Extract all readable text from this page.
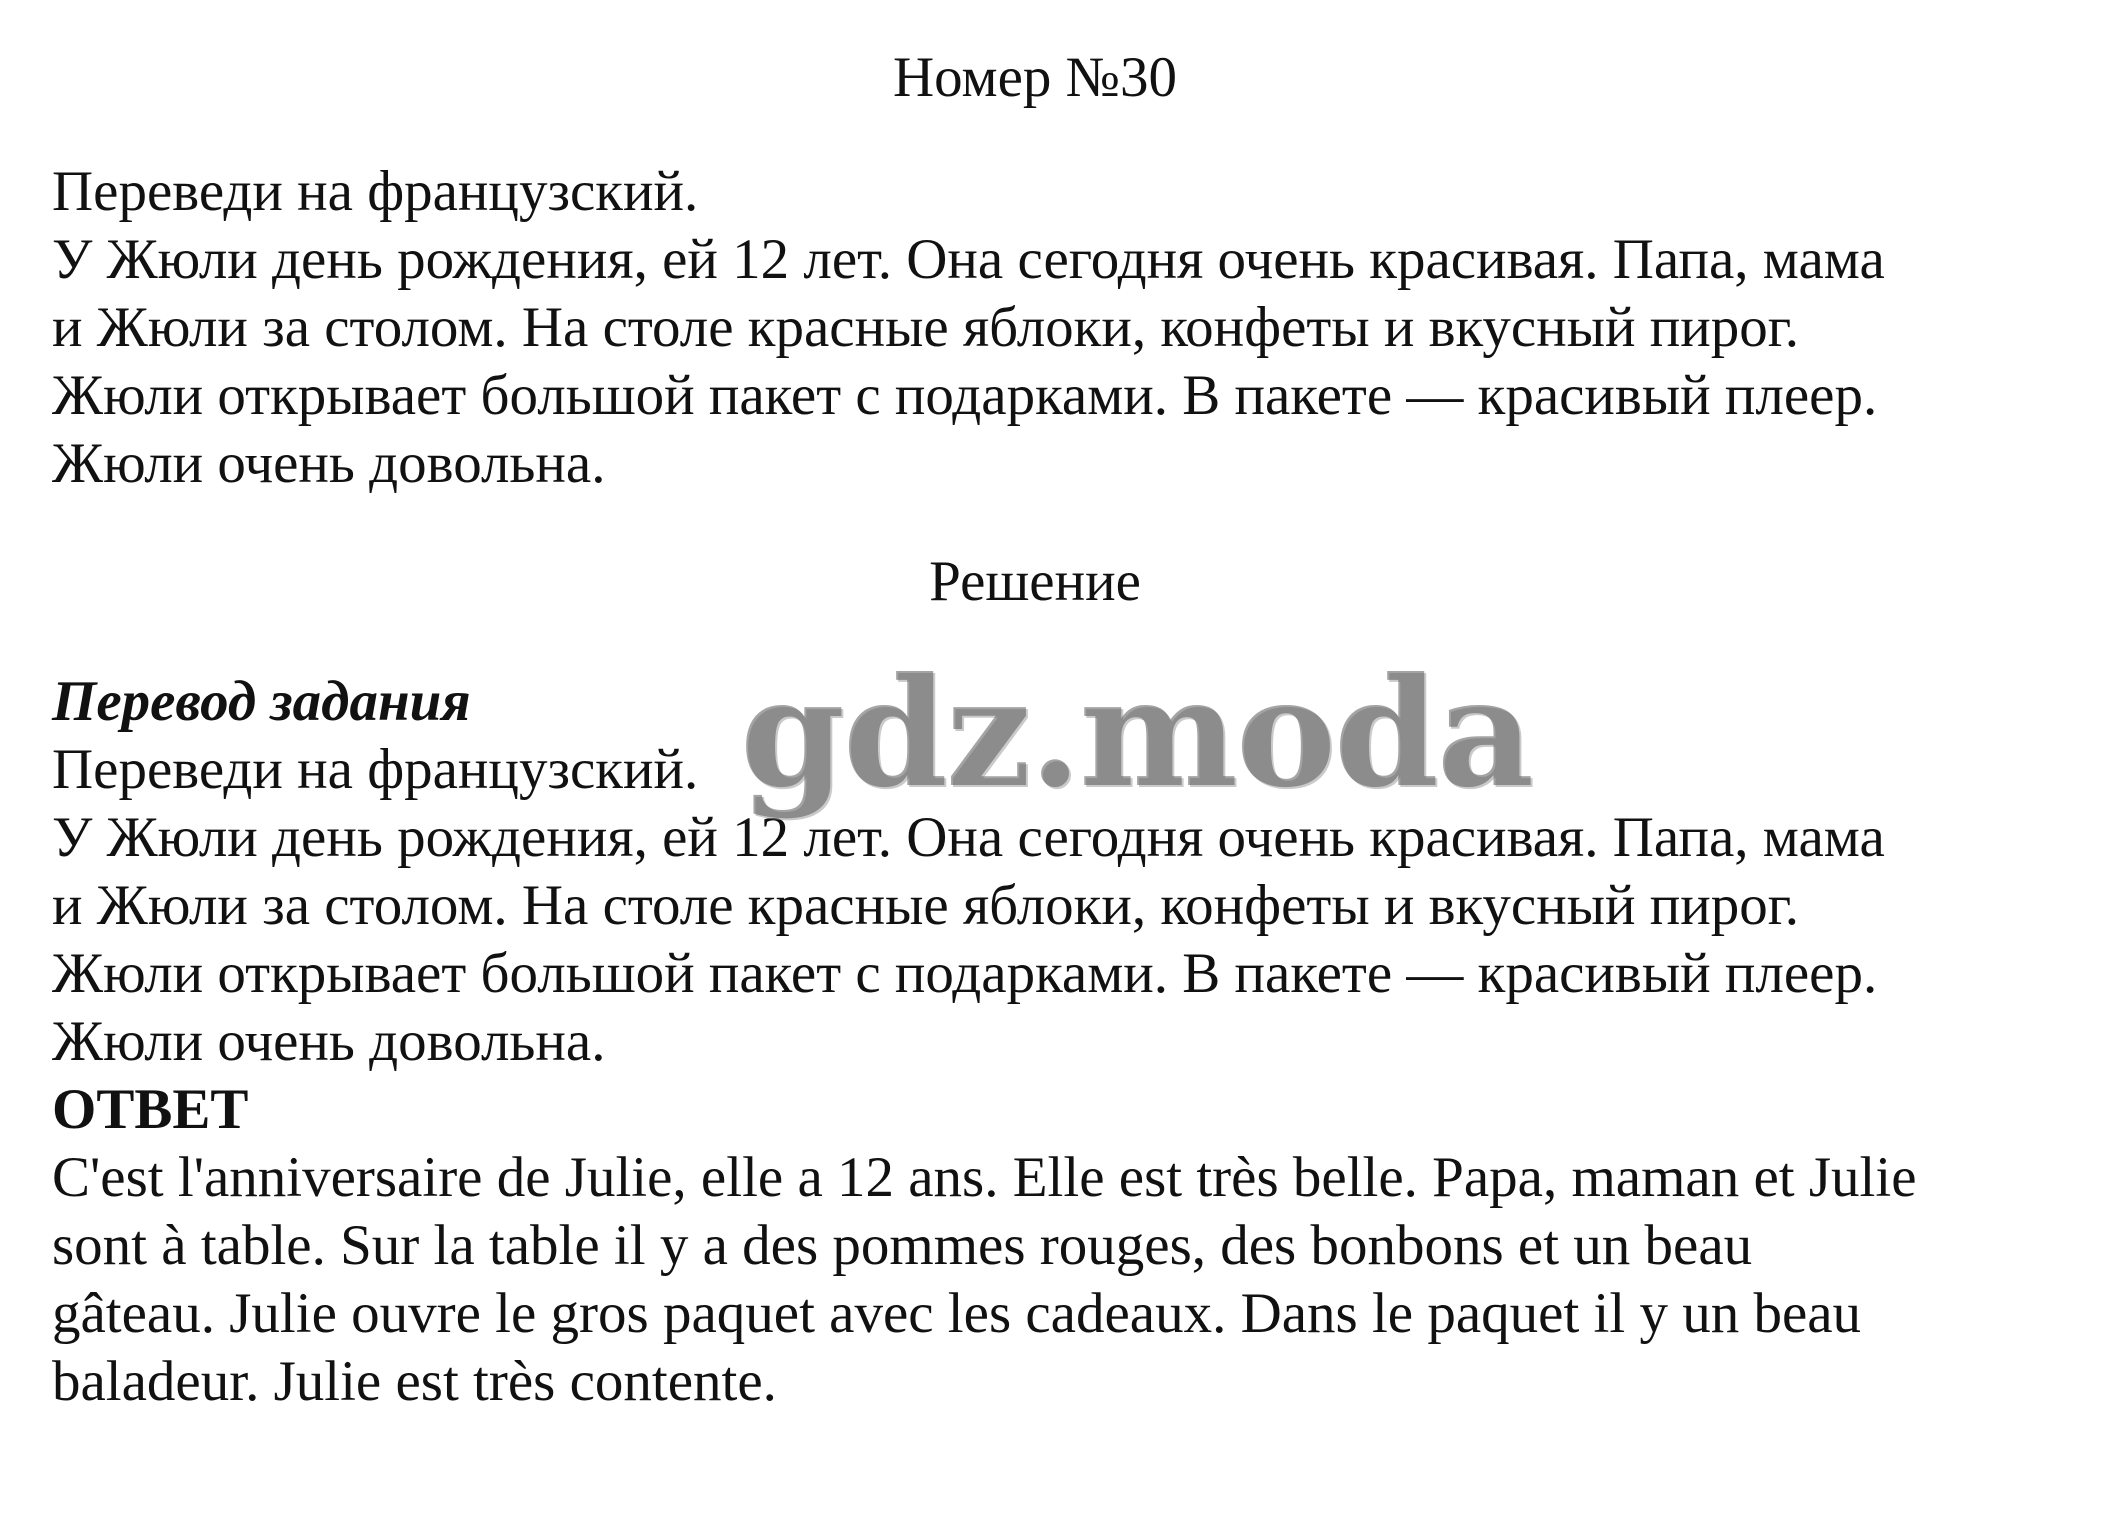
Номер №30

Переведи на французский.

У Жюли день рождения, ей 12 лет. Она сегодня очень красивая. Папа, мама

и Жюли за столом. На столе красные яблоки, конфеты и вкусный пирог.

Жюли открывает большой пакет с подарками. В пакете — красивый плеер.

Жюли очень довольна.

Решение

Перевод задания

Переведи на французский.

У Жюли день рождения, ей 12 лет. Она сегодня очень красивая. Папа, мама

и Жюли за столом. На столе красные яблоки, конфеты и вкусный пирог.

Жюли открывает большой пакет с подарками. В пакете — красивый плеер.

Жюли очень довольна.

ОТВЕТ

C'est l'anniversaire de Julie, elle a 12 ans. Elle est très belle. Papa, maman et Julie

sont à table. Sur la table il y a des pommes rouges, des bonbons et un beau

gâteau. Julie ouvre le gros paquet avec les cadeaux. Dans le paquet il y un beau

baladeur. Julie est très contente.

gdz.moda
